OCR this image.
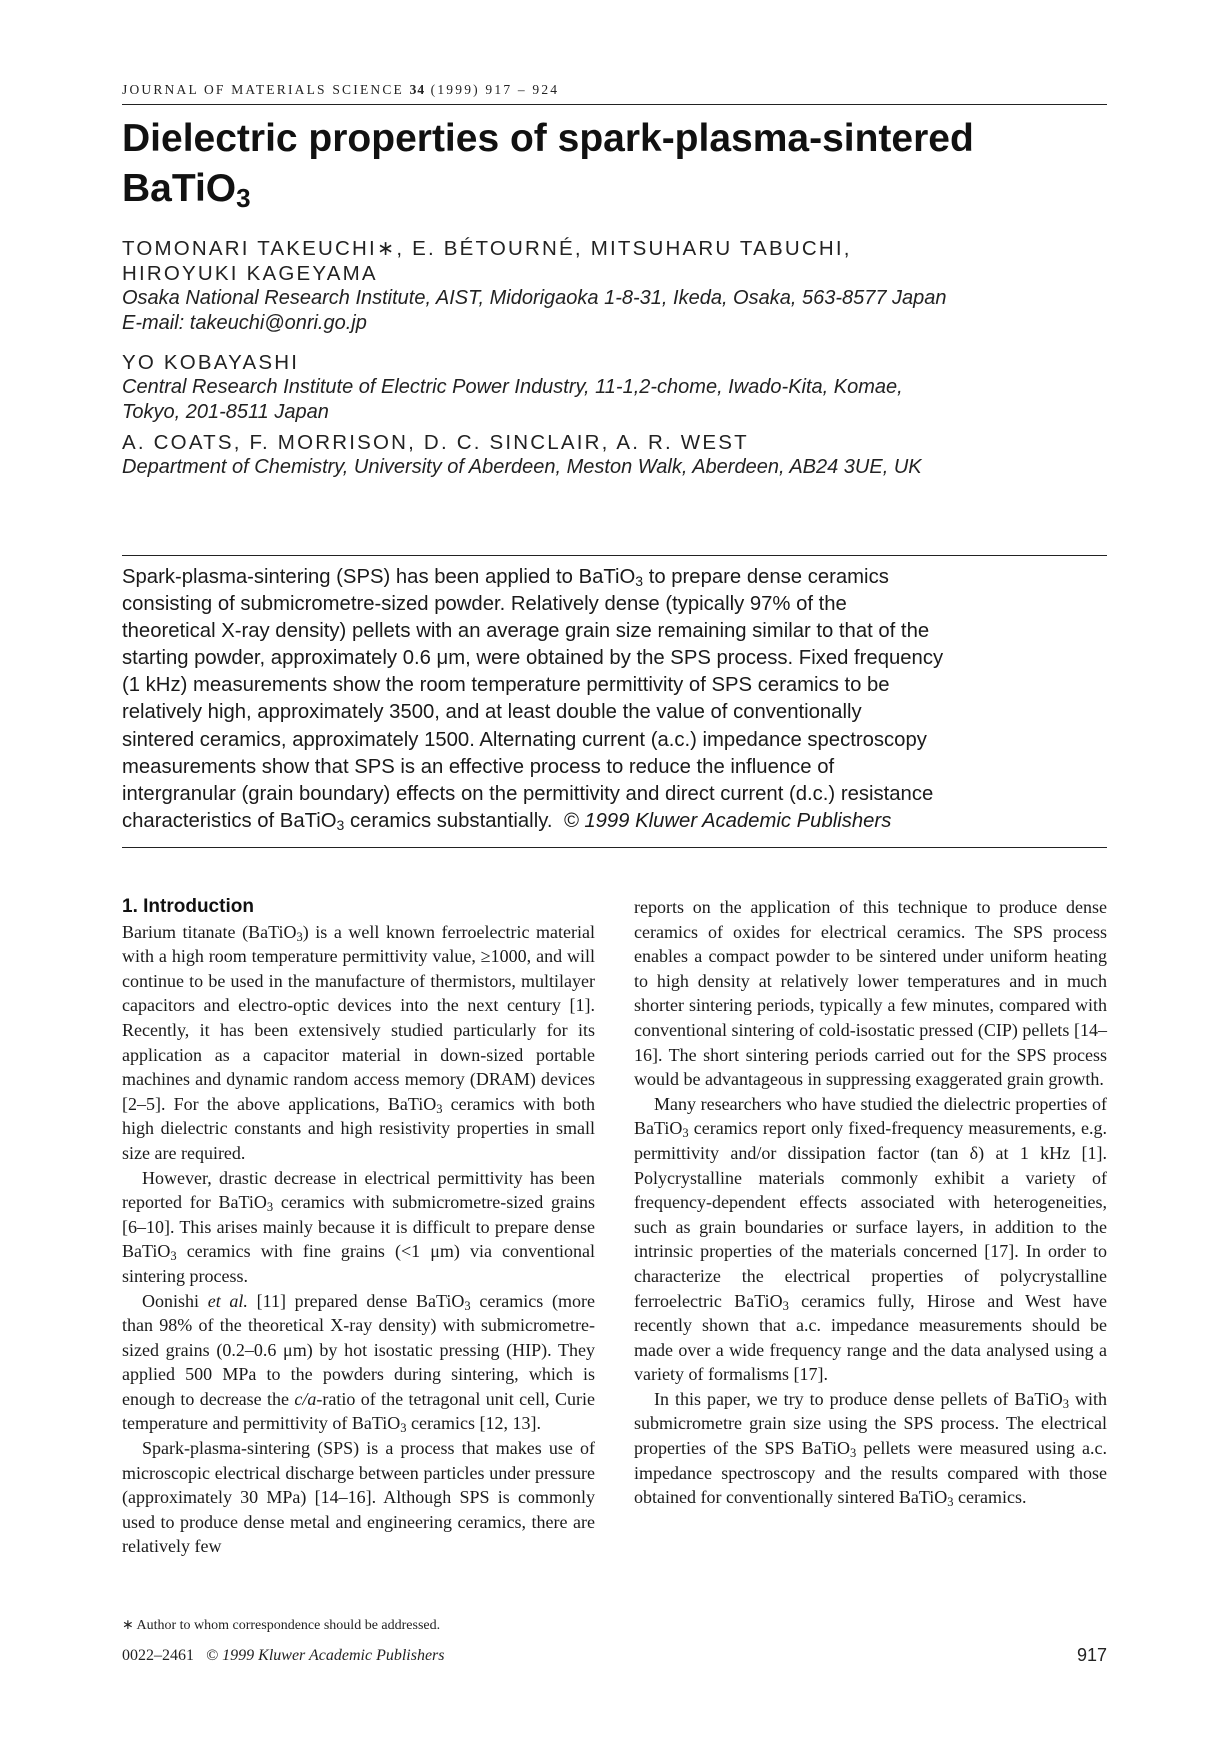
JOURNAL OF MATERIALS SCIENCE 34 (1999) 917 – 924
Dielectric properties of spark-plasma-sintered
BaTiO$_3$
TOMONARI TAKEUCHI∗, E. BÉTOURNÉ, MITSUHARU TABUCHI,
HIROYUKI KAGEYAMA
Osaka National Research Institute, AIST, Midorigaoka 1-8-31, Ikeda, Osaka, 563-8577 Japan
E-mail: takeuchi@onri.go.jp
YO KOBAYASHI
Central Research Institute of Electric Power Industry, 11-1,2-chome, Iwado-Kita, Komae,
Tokyo, 201-8511 Japan
A. COATS, F. MORRISON, D. C. SINCLAIR, A. R. WEST
Department of Chemistry, University of Aberdeen, Meston Walk, Aberdeen, AB24 3UE, UK
Spark-plasma-sintering (SPS) has been applied to BaTiO$_3$ to prepare dense ceramics
consisting of submicrometre-sized powder. Relatively dense (typically 97% of the
theoretical X-ray density) pellets with an average grain size remaining similar to that of the
starting powder, approximately 0.6 μm, were obtained by the SPS process. Fixed frequency
(1 kHz) measurements show the room temperature permittivity of SPS ceramics to be
relatively high, approximately 3500, and at least double the value of conventionally
sintered ceramics, approximately 1500. Alternating current (a.c.) impedance spectroscopy
measurements show that SPS is an effective process to reduce the influence of
intergranular (grain boundary) effects on the permittivity and direct current (d.c.) resistance
characteristics of BaTiO$_3$ ceramics substantially. © 1999 Kluwer Academic Publishers
1. Introduction

Barium titanate (BaTiO$_3$) is a well known ferroelectric material with a high room temperature permittivity value, ≥1000, and will continue to be used in the manufacture of thermistors, multilayer capacitors and electro-optic devices into the next century [1]. Recently, it has been extensively studied particularly for its application as a capacitor material in down-sized portable machines and dynamic random access memory (DRAM) devices [2–5]. For the above applications, BaTiO$_3$ ceramics with both high dielectric constants and high resistivity properties in small size are required.

However, drastic decrease in electrical permittivity has been reported for BaTiO$_3$ ceramics with submicrometre-sized grains [6–10]. This arises mainly because it is difficult to prepare dense BaTiO$_3$ ceramics with fine grains (<1 μm) via conventional sintering process.

Oonishi et al. [11] prepared dense BaTiO$_3$ ceramics (more than 98% of the theoretical X-ray density) with submicrometre-sized grains (0.2–0.6 μm) by hot isostatic pressing (HIP). They applied 500 MPa to the powders during sintering, which is enough to decrease the c/a-ratio of the tetragonal unit cell, Curie temperature and permittivity of BaTiO$_3$ ceramics [12, 13].

Spark-plasma-sintering (SPS) is a process that makes use of microscopic electrical discharge between particles under pressure (approximately 30 MPa) [14–16]. Although SPS is commonly used to produce dense metal and engineering ceramics, there are relatively few

reports on the application of this technique to produce dense ceramics of oxides for electrical ceramics. The SPS process enables a compact powder to be sintered under uniform heating to high density at relatively lower temperatures and in much shorter sintering periods, typically a few minutes, compared with conventional sintering of cold-isostatic pressed (CIP) pellets [14–16]. The short sintering periods carried out for the SPS process would be advantageous in suppressing exaggerated grain growth.

Many researchers who have studied the dielectric properties of BaTiO$_3$ ceramics report only fixed-frequency measurements, e.g. permittivity and/or dissipation factor (tan δ) at 1 kHz [1]. Polycrystalline materials commonly exhibit a variety of frequency-dependent effects associated with heterogeneities, such as grain boundaries or surface layers, in addition to the intrinsic properties of the materials concerned [17]. In order to characterize the electrical properties of polycrystalline ferroelectric BaTiO$_3$ ceramics fully, Hirose and West have recently shown that a.c. impedance measurements should be made over a wide frequency range and the data analysed using a variety of formalisms [17].

In this paper, we try to produce dense pellets of BaTiO$_3$ with submicrometre grain size using the SPS process. The electrical properties of the SPS BaTiO$_3$ pellets were measured using a.c. impedance spectroscopy and the results compared with those obtained for conventionally sintered BaTiO$_3$ ceramics.

∗ Author to whom correspondence should be addressed.
0022–2461 © 1999 Kluwer Academic Publishers	917
